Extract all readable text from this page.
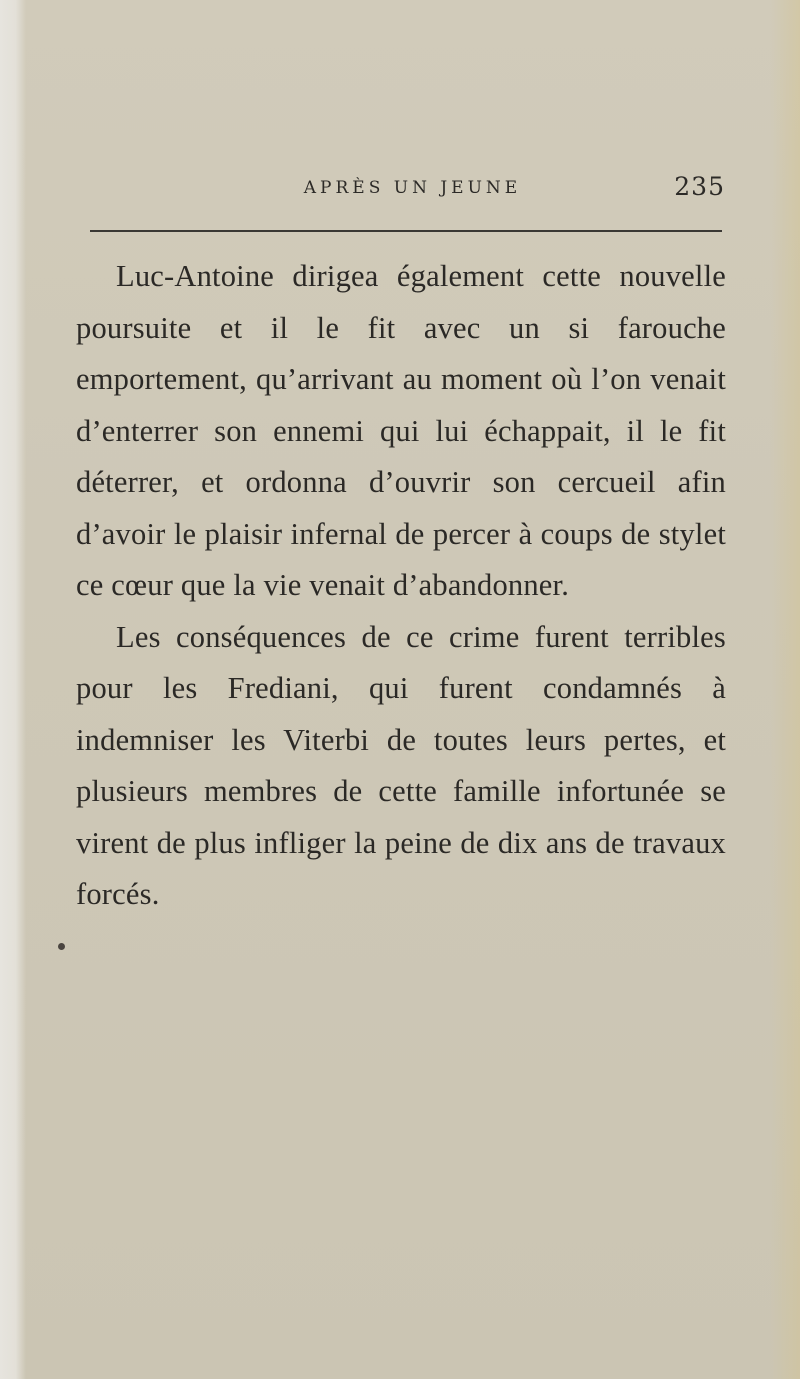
APRÈS UN JEUNE	235

Luc-Antoine dirigea également cette nouvelle poursuite et il le fit avec un si farouche emportement, qu’arrivant au moment où l’on venait d’enterrer son ennemi qui lui échappait, il le fit déterrer, et ordonna d’ouvrir son cercueil afin d’avoir le plaisir infernal de percer à coups de stylet ce cœur que la vie venait d’abandonner.

Les conséquences de ce crime furent terribles pour les Frediani, qui furent condamnés à indemniser les Viterbi de toutes leurs pertes, et plusieurs membres de cette famille infortunée se virent de plus infliger la peine de dix ans de travaux forcés.
